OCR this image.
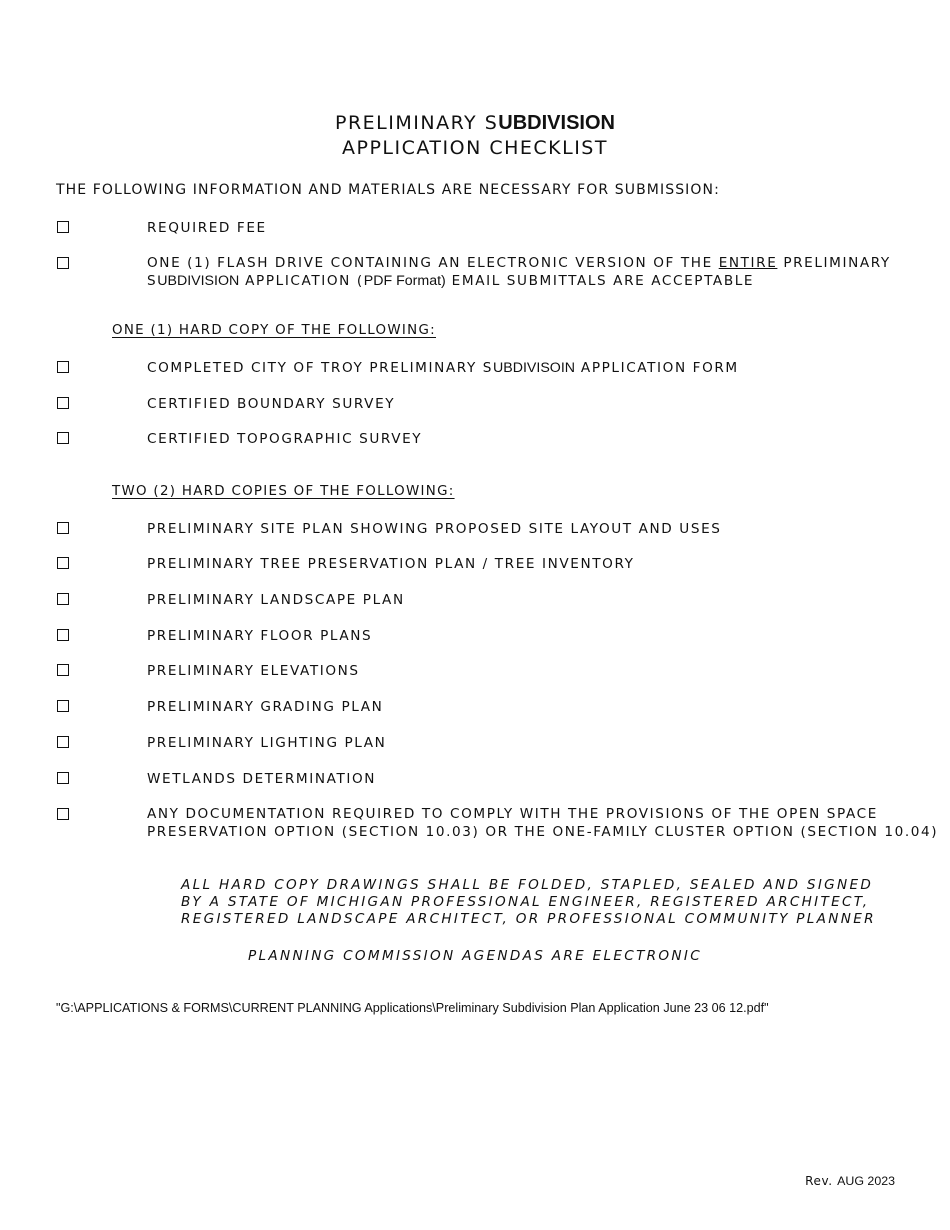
PRELIMINARY SUBDIVISION
APPLICATION CHECKLIST
THE FOLLOWING INFORMATION AND MATERIALS ARE NECESSARY FOR SUBMISSION:
REQUIRED FEE
ONE (1) FLASH DRIVE CONTAINING AN ELECTRONIC VERSION OF THE ENTIRE PRELIMINARY
SUBDIVISION APPLICATION (PDF Format) EMAIL SUBMITTALS ARE ACCEPTABLE
ONE (1) HARD COPY OF THE FOLLOWING:
COMPLETED CITY OF TROY PRELIMINARY SUBDIVISOIN APPLICATION FORM
CERTIFIED BOUNDARY SURVEY
CERTIFIED TOPOGRAPHIC SURVEY
TWO (2) HARD COPIES OF THE FOLLOWING:
PRELIMINARY SITE PLAN SHOWING PROPOSED SITE LAYOUT AND USES
PRELIMINARY TREE PRESERVATION PLAN / TREE INVENTORY
PRELIMINARY LANDSCAPE PLAN
PRELIMINARY FLOOR PLANS
PRELIMINARY ELEVATIONS
PRELIMINARY GRADING PLAN
PRELIMINARY LIGHTING PLAN
WETLANDS DETERMINATION
ANY DOCUMENTATION REQUIRED TO COMPLY WITH THE PROVISIONS OF THE OPEN SPACE
PRESERVATION OPTION (SECTION 10.03) OR THE ONE-FAMILY CLUSTER OPTION (SECTION 10.04)
ALL HARD COPY DRAWINGS SHALL BE FOLDED, STAPLED, SEALED AND SIGNED
BY A STATE OF MICHIGAN PROFESSIONAL ENGINEER, REGISTERED ARCHITECT,
REGISTERED LANDSCAPE ARCHITECT, OR PROFESSIONAL COMMUNITY PLANNER
PLANNING COMMISSION AGENDAS ARE ELECTRONIC
"G:\APPLICATIONS & FORMS\CURRENT PLANNING Applications\Preliminary Subdivision Plan Application June 23 06 12.pdf"
Rev. AUG 2023
